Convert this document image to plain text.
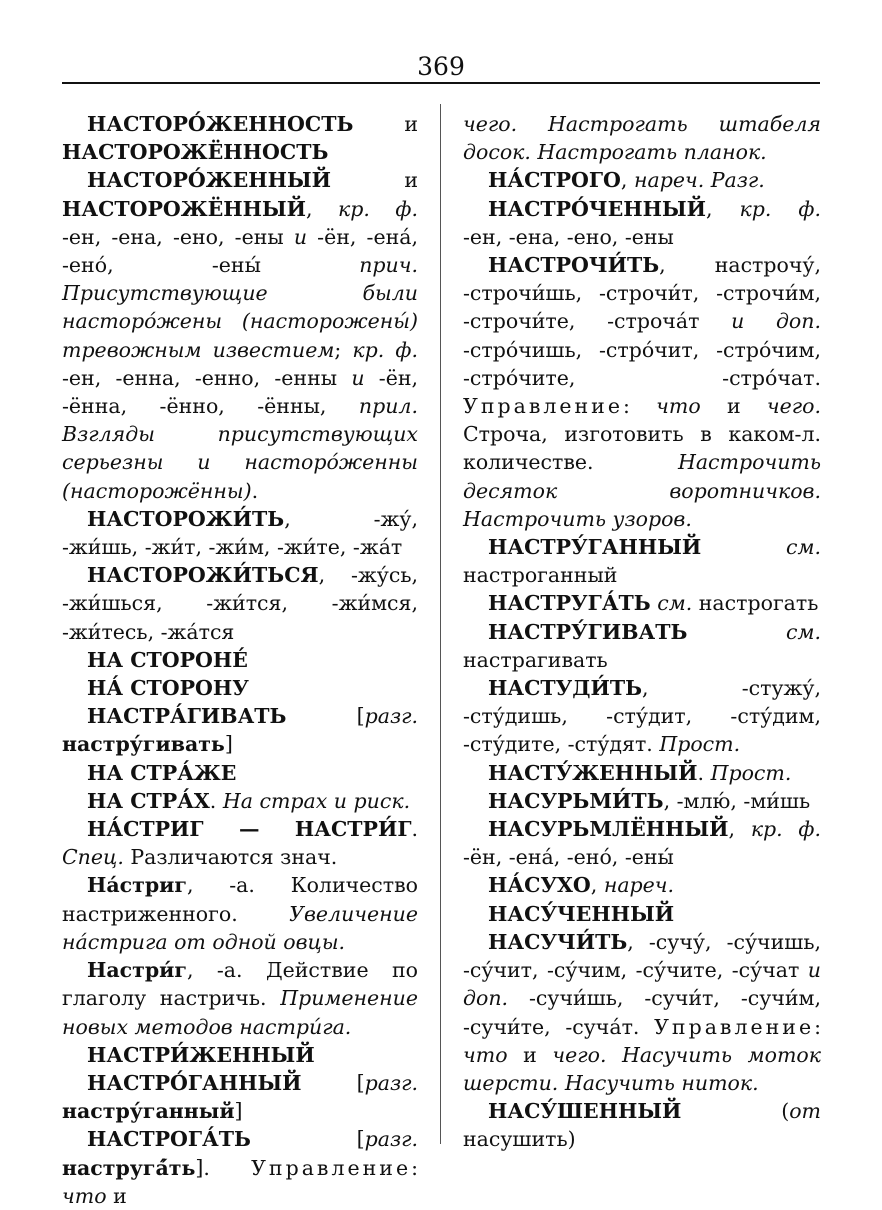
369

НАСТОРО́ЖЕННОСТЬ и НАСТОРОЖЁННОСТЬ

НАСТОРО́ЖЕННЫЙ и НАСТОРОЖЁННЫЙ, кр. ф. -ен, -ена, -ено, -ены и -ён, -ена́, -ено́, -ены́ прич. Присутствующие были насторо́жены (насторожены́) тревожным известием; кр. ф. -ен, -енна, -енно, -енны и -ён, -ённа, -ённо, -ённы, прил. Взгляды присутствующих серьезны и насторо́женны (насторожённы).

НАСТОРОЖИ́ТЬ, -жу́, -жи́шь, -жи́т, -жи́м, -жи́те, -жа́т

НАСТОРОЖИ́ТЬСЯ, -жу́сь, -жи́шься, -жи́тся, -жи́мся, -жи́тесь, -жа́тся

НА СТОРОНЕ́

НА́ СТОРОНУ

НАСТРА́ГИВАТЬ [разг. настру́гивать]

НА СТРА́ЖЕ

НА СТРА́Х. На страх и риск.

НА́СТРИГ — НАСТРИ́Г. Спец. Различаются знач.

На́стриг, -а. Количество настриженного. Увеличение на́стрига от одной овцы.

Настри́г, -а. Действие по глаголу настричь. Применение новых методов настри́га.

НАСТРИ́ЖЕННЫЙ

НАСТРО́ГАННЫЙ [разг. настру́ганный]

НАСТРОГА́ТЬ [разг. настругá́ть]. Управление: что и

чего. Настрогать штабеля досок. Настрогать планок.

НА́СТРОГО, нареч. Разг.

НАСТРО́ЧЕННЫЙ, кр. ф. -ен, -ена, -ено, -ены

НАСТРОЧИ́ТЬ, настрочу́, -строчи́шь, -строчи́т, -строчи́м, -строчи́те, -строча́т и доп. -стро́чишь, -стро́чит, -стро́чим, -стро́чите, -стро́чат. Управление: что и чего. Строча, изготовить в каком-л. количестве. Настрочить десяток воротничков. Настрочить узоров.

НАСТРУ́ГАННЫЙ	см. настроганный

НАСТРУГА́ТЬ см. настрогать

НАСТРУ́ГИВАТЬ	см. настрагивать

НАСТУДИ́ТЬ, -стужу́, -сту́дишь, -сту́дит, -сту́дим, -сту́дите, -сту́дят. Прост.

НАСТУ́ЖЕННЫЙ. Прост.

НАСУРЬМИ́ТЬ, -млю́, -ми́шь

НАСУРЬМЛЁННЫЙ, кр. ф. -ён, -ена́, -ено́, -ены́

НА́СУХО, нареч.

НАСУ́ЧЕННЫЙ

НАСУЧИ́ТЬ, -сучу́, -су́чишь, -су́чит, -су́чим, -су́чите, -су́чат и доп. -сучи́шь, -сучи́т, -сучи́м, -сучи́те, -суча́т. Управление: что и чего. Насучить моток шерсти. Насучить ниток.

НАСУ́ШЕННЫЙ (от насушить)
